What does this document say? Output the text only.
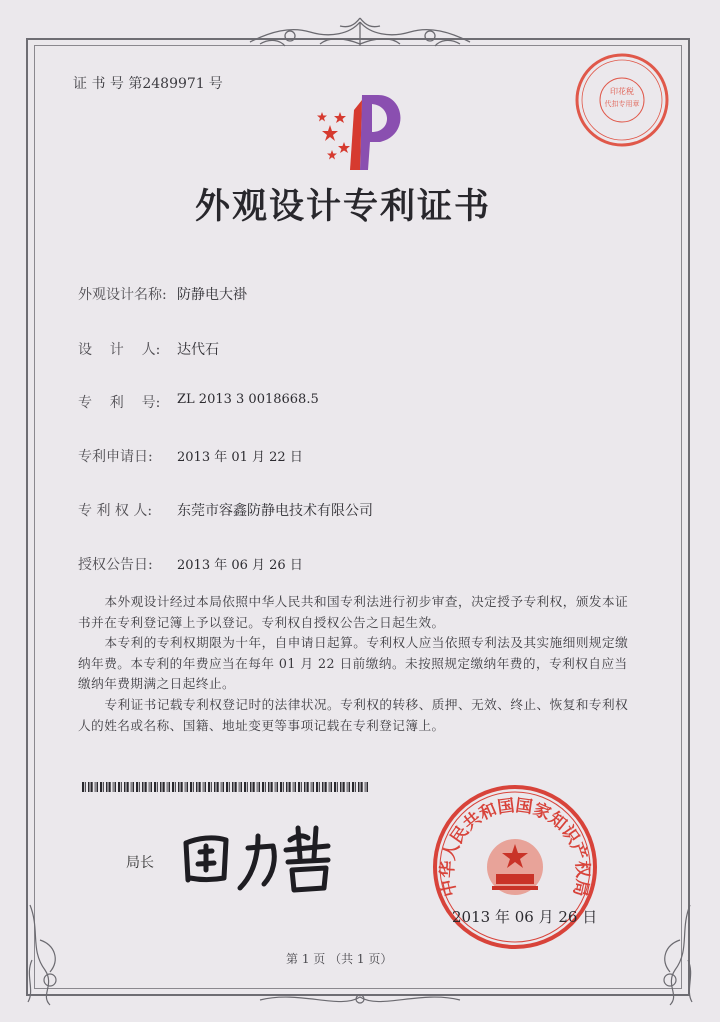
证 书 号 第2489971 号	印花税
代扣专用章
外观设计专利证书
外观设计名称: 防静电大褂
设    计    人: 达代石
专    利    号: ZL 2013 3 0018668.5
专利申请日: 2013 年 01 月 22 日
专 利 权 人: 东莞市容鑫防静电技术有限公司
授权公告日: 2013 年 06 月 26 日
本外观设计经过本局依照中华人民共和国专利法进行初步审查，决定授予专利权，颁发本证书并在专利登记簿上予以登记。专利权自授权公告之日起生效。
本专利的专利权期限为十年，自申请日起算。专利权人应当依照专利法及其实施细则规定缴纳年费。本专利的年费应当在每年 01 月 22 日前缴纳。未按照规定缴纳年费的，专利权自应当缴纳年费期满之日起终止。
专利证书记载专利权登记时的法律状况。专利权的转移、质押、无效、终止、恢复和专利权人的姓名或名称、国籍、地址变更等事项记载在专利登记簿上。
局长
中华人民共和国国家知识产权局
2013 年 06 月 26 日
第 1 页 （共 1 页）
